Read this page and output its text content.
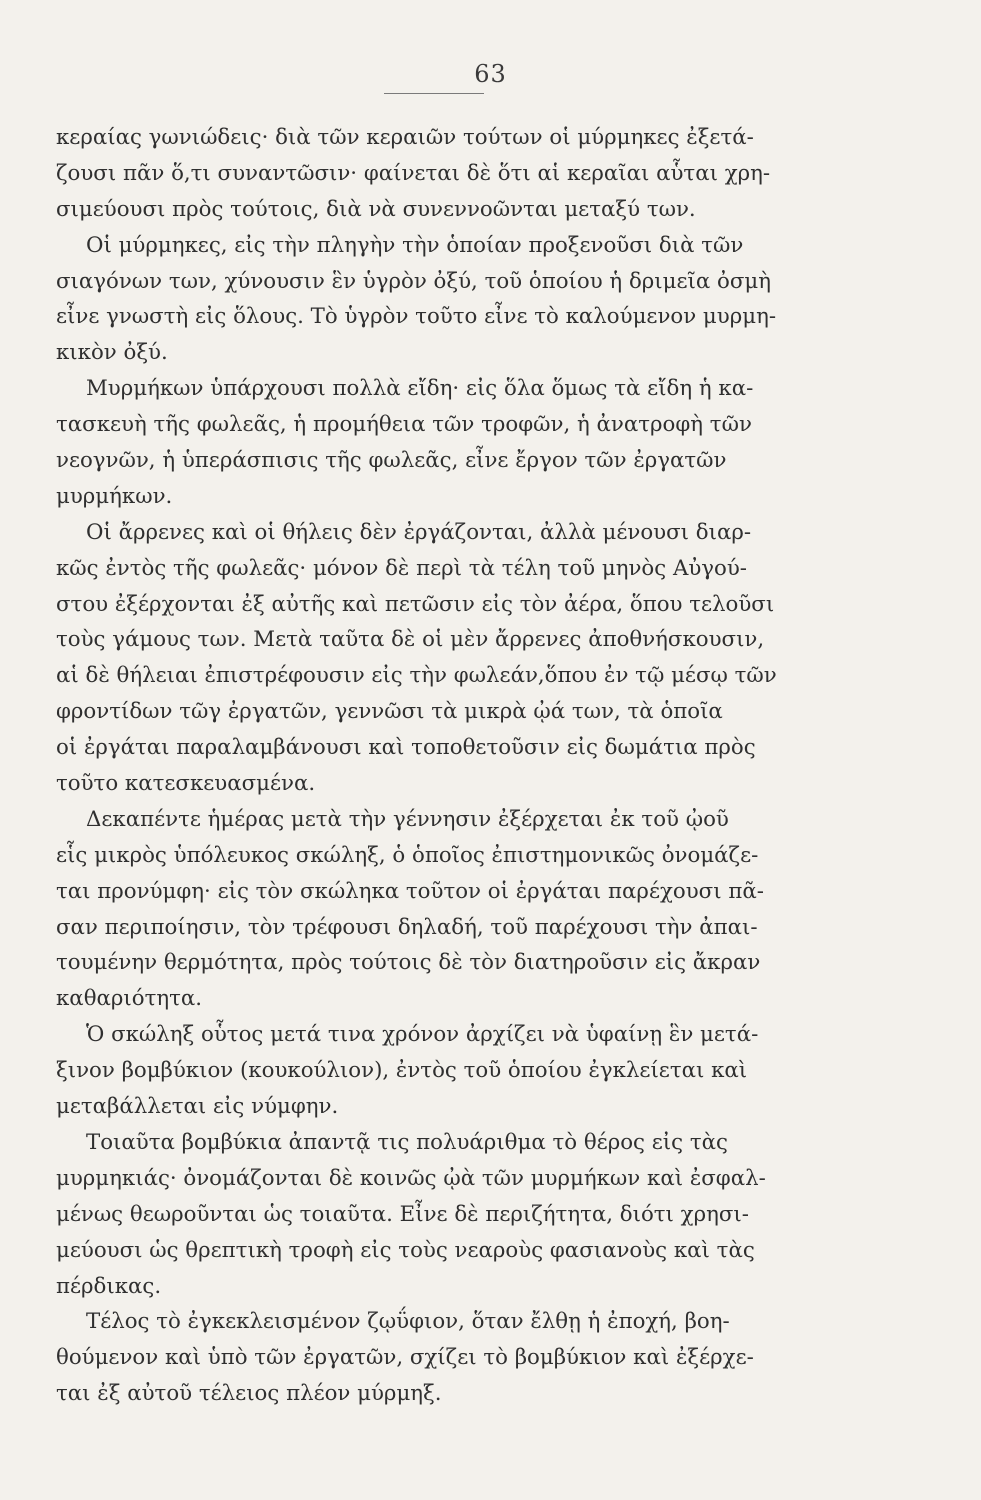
63
κεραίας γωνιώδεις· διὰ τῶν κεραιῶν τούτων οἱ μύρμηκες ἐξετά-
ζουσι πᾶν ὅ,τι συναντῶσιν· φαίνεται δὲ ὅτι αἱ κεραῖαι αὗται χρη-
σιμεύουσι πρὸς τούτοις, διὰ νὰ συνεννοῶνται μεταξύ των.
Οἱ μύρμηκες, εἰς τὴν πληγὴν τὴν ὁποίαν προξενοῦσι διὰ τῶν
σιαγόνων των, χύνουσιν ἓν ὑγρὸν ὀξύ, τοῦ ὁποίου ἡ δριμεῖα ὀσμὴ
εἶνε γνωστὴ εἰς ὅλους. Τὸ ὑγρὸν τοῦτο εἶνε τὸ καλούμενον μυρμη-
κικὸν ὀξύ.
Μυρμήκων ὑπάρχουσι πολλὰ εἴδη· εἰς ὅλα ὅμως τὰ εἴδη ἡ κα-
τασκευὴ τῆς φωλεᾶς, ἡ προμήθεια τῶν τροφῶν, ἡ ἀνατροφὴ τῶν
νεογνῶν, ἡ ὑπεράσπισις τῆς φωλεᾶς, εἶνε ἔργον τῶν ἐργατῶν
μυρμήκων.
Οἱ ἄρρενες καὶ οἱ θήλεις δὲν ἐργάζονται, ἀλλὰ μένουσι διαρ-
κῶς ἐντὸς τῆς φωλεᾶς· μόνον δὲ περὶ τὰ τέλη τοῦ μηνὸς Αὐγού-
στου ἐξέρχονται ἐξ αὐτῆς καὶ πετῶσιν εἰς τὸν ἀέρα, ὅπου τελοῦσι
τοὺς γάμους των. Μετὰ ταῦτα δὲ οἱ μὲν ἄρρενες ἀποθνήσκουσιν,
αἱ δὲ θήλειαι ἐπιστρέφουσιν εἰς τὴν φωλεάν,ὅπου ἐν τῷ μέσῳ τῶν
φροντίδων τῶγ ἐργατῶν, γεννῶσι τὰ μικρὰ ᾠά των, τὰ ὁποῖα
οἱ ἐργάται παραλαμβάνουσι καὶ τοποθετοῦσιν εἰς δωμάτια πρὸς
τοῦτο κατεσκευασμένα.
Δεκαπέντε ἡμέρας μετὰ τὴν γέννησιν ἐξέρχεται ἐκ τοῦ ᾠοῦ
εἷς μικρὸς ὑπόλευκος σκώληξ, ὁ ὁποῖος ἐπιστημονικῶς ὀνομάζε-
ται προνύμφη· εἰς τὸν σκώληκα τοῦτον οἱ ἐργάται παρέχουσι πᾶ-
σαν περιποίησιν, τὸν τρέφουσι δηλαδή, τοῦ παρέχουσι τὴν ἀπαι-
τουμένην θερμότητα, πρὸς τούτοις δὲ τὸν διατηροῦσιν εἰς ἄκραν
καθαριότητα.
Ὁ σκώληξ οὗτος μετά τινα χρόνον ἀρχίζει νὰ ὑφαίνῃ ἓν μετά-
ξινον βομβύκιον (κουκούλιον), ἐντὸς τοῦ ὁποίου ἐγκλείεται καὶ
μεταβάλλεται εἰς νύμφην.
Τοιαῦτα βομβύκια ἀπαντᾷ τις πολυάριθμα τὸ θέρος εἰς τὰς
μυρμηκιάς· ὀνομάζονται δὲ κοινῶς ᾠὰ τῶν μυρμήκων καὶ ἐσφαλ-
μένως θεωροῦνται ὡς τοιαῦτα. Εἶνε δὲ περιζήτητα, διότι χρησι-
μεύουσι ὡς θρεπτικὴ τροφὴ εἰς τοὺς νεαροὺς φασιανοὺς καὶ τὰς
πέρδικας.
Τέλος τὸ ἐγκεκλεισμένον ζῳΰφιον, ὅταν ἔλθῃ ἡ ἐποχή, βοη-
θούμενον καὶ ὑπὸ τῶν ἐργατῶν, σχίζει τὸ βομβύκιον καὶ ἐξέρχε-
ται ἐξ αὐτοῦ τέλειος πλέον μύρμηξ.
